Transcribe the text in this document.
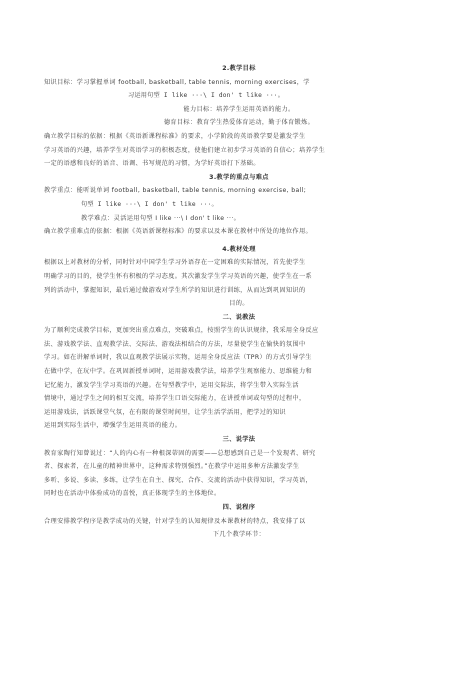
2.教学目标
知识目标：学习掌握单词 football, basketball, table tennis, morning exercises，学
习运用句型 I like ···\ I don' t like ···。
能力目标：培养学生运用英语的能力。
德育目标：教育学生热爱体育运动，勤于体育锻炼。
确立教学目标的依据：根据《英语新课程标准》的要求，小学阶段的英语教学要是激发学生
学习英语的兴趣，培养学生对英语学习的积极态度，使他们建立初步学习英语的自信心；培养学生
一定的语感和良好的语音、语调、书写规范的习惯，为学好英语打下基础。
3.教学的重点与难点
教学重点：能听说单词 football, basketball, table tennis, morning exercise, ball;
句型 I like ···\ I don' t like ···。
教学难点：灵活运用句型 I like ···\ I don' t like ···。
确立教学重难点的依据：根据《英语新课程标准》的要求以及本课在教材中所处的地位作用。
4.教材处理
根据以上对教材的分析，同时针对中国学生学习外语存在一定困难的实际情况，首先使学生
明确学习的目的，使学生怀有积极的学习态度。其次激发学生学习英语的兴趣，使学生在一系
列的活动中，掌握知识，最后通过做游戏对学生所学的知识进行训练，从而达到巩固知识的
目的。
二、说教法
为了顺利完成教学目标，更加突出重点难点，突破难点，按照学生的认识规律，我采用全身反应
法、游戏教学法、直观教学法、交际法、游戏法相结合的方法，尽量使学生在愉快的氛围中
学习。如在讲解单词时，我以直观教学法展示实物，运用全身反应法（TPR）的方式引导学生
在做中学，在玩中学。在巩固新授单词时，运用游戏教学法，培养学生观察能力、思维能力和
记忆能力，激发学生学习英语的兴趣。在句型教学中，运用交际法，将学生带入实际生活
情境中，通过学生之间的相互交流，培养学生口语交际能力，在讲授单词或句型的过程中，
运用游戏法，活跃课堂气氛，在有限的课堂时间里，让学生活学活用，把学过的知识
运用到实际生活中，增强学生运用英语的能力。
三、说学法
教育家陶行知曾说过：“人的内心有一种根深蒂固的需要——总想感到自己是一个发现者、研究
者、探索者，在儿童的精神世界中，这种需求特别强烈。”在教学中运用多种方法激发学生
多听、多说、多读、多练，让学生在自主、探究、合作、交流的活动中获得知识，学习英语，
同时也在活动中体验成功的喜悦，真正体现学生的主体地位。
四、说程序
合理安排教学程序是教学成功的关键，针对学生的认知规律及本课教材的特点，我安排了以
下几个教学环节：
